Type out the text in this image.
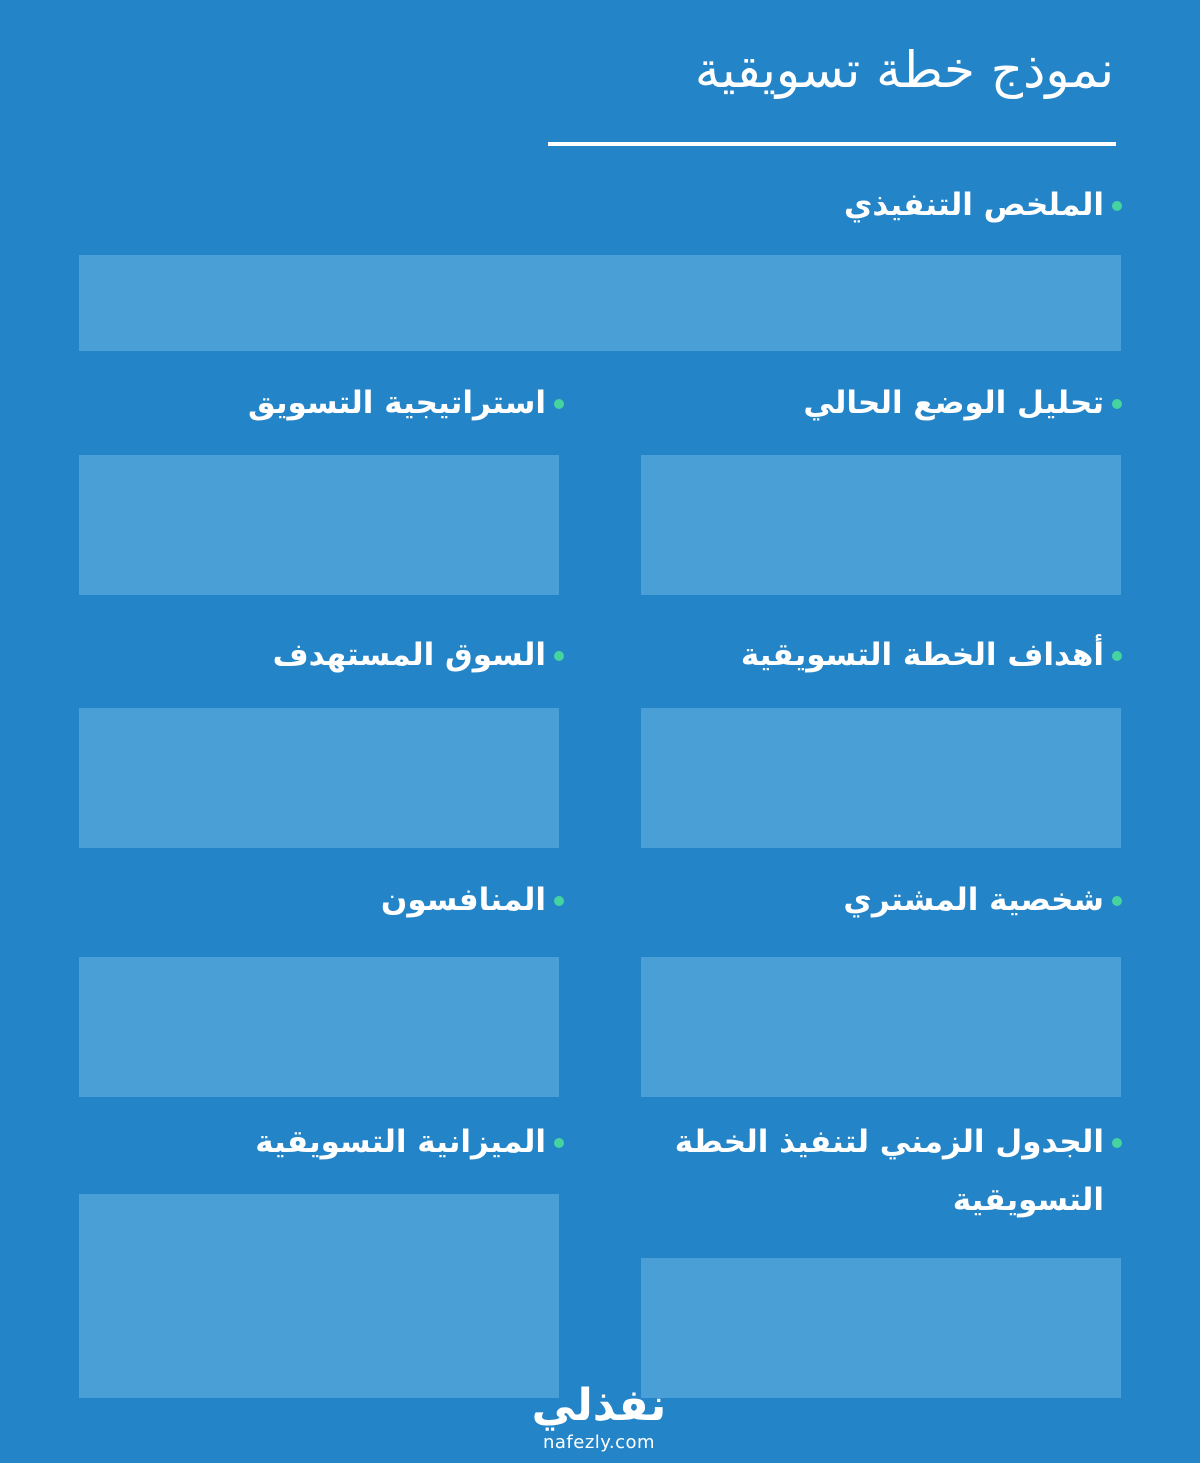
نموذج خطة تسويقية
الملخص التنفيذي
تحليل الوضع الحالي
استراتيجية التسويق
أهداف الخطة التسويقية
السوق المستهدف
شخصية المشتري
المنافسون
الجدول الزمني لتنفيذ الخطة التسويقية
الميزانية التسويقية
نفذلي
nafezly.com
